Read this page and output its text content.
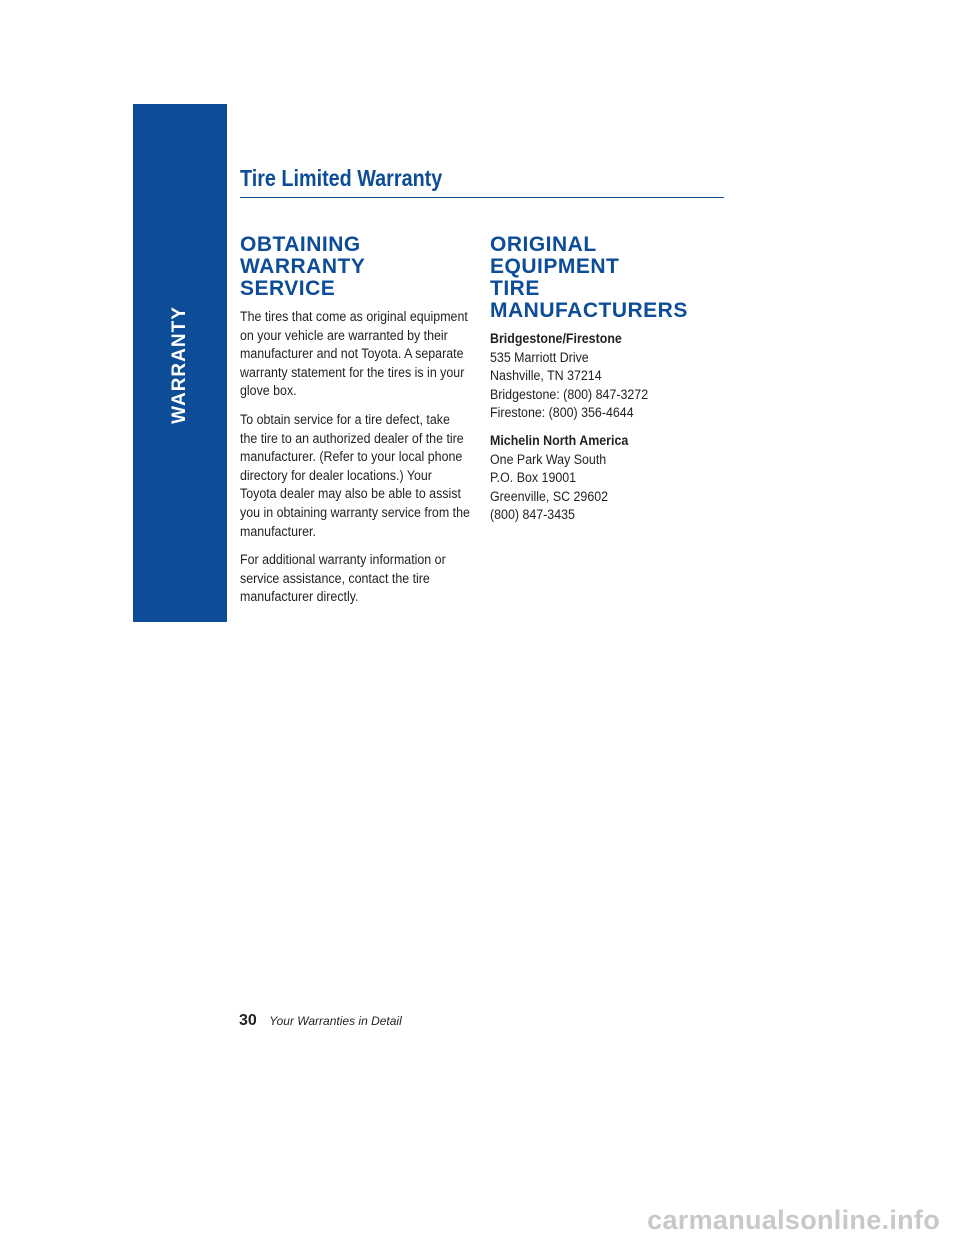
WARRANTY
Tire Limited Warranty
OBTAINING WARRANTY
SERVICE

The tires that come as original equipment on your vehicle are warranted by their manufacturer and not Toyota. A separate warranty statement for the tires is in your glove box.

To obtain service for a tire defect, take the tire to an authorized dealer of the tire manufacturer. (Refer to your local phone directory for dealer locations.) Your Toyota dealer may also be able to assist you in obtaining warranty service from the manufacturer.

For additional warranty information or service assistance, contact the tire manufacturer directly.

ORIGINAL EQUIPMENT
TIRE MANUFACTURERS
Bridgestone/Firestone
535 Marriott Drive
Nashville, TN 37214
Bridgestone: (800) 847-3272
Firestone: (800) 356-4644
Michelin North America
One Park Way South
P.O. Box 19001
Greenville, SC 29602
(800) 847-3435
30 Your Warranties in Detail
carmanualsonline.info
